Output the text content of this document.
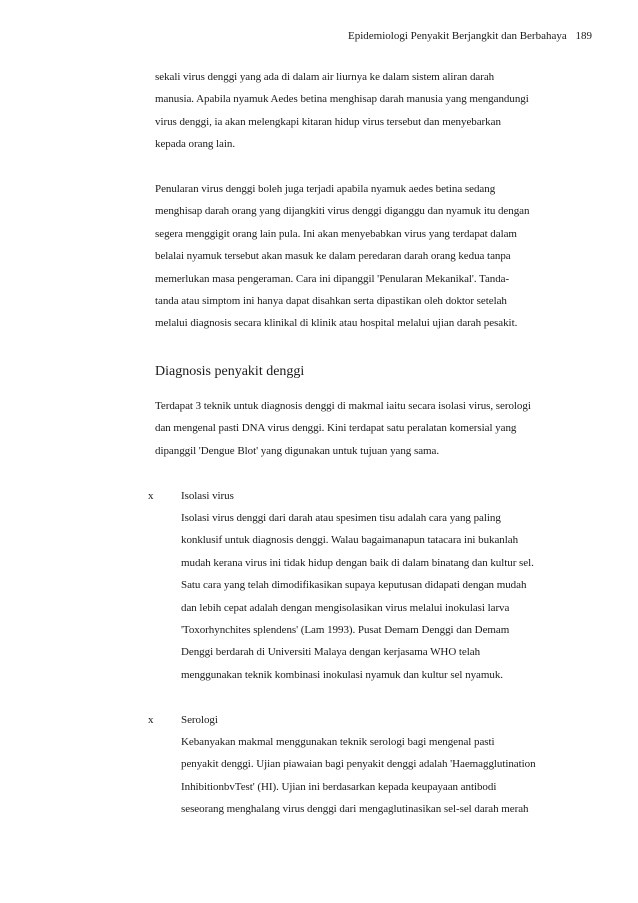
Epidemiologi Penyakit Berjangkit dan Berbahaya 189
sekali virus denggi yang ada di dalam air liurnya ke dalam sistem aliran darah
manusia. Apabila nyamuk Aedes betina menghisap darah manusia yang mengandungi
virus denggi, ia akan melengkapi kitaran hidup virus tersebut dan menyebarkan
kepada orang lain.
Penularan virus denggi boleh juga terjadi apabila nyamuk aedes betina sedang
menghisap darah orang yang dijangkiti virus denggi diganggu dan nyamuk itu dengan
segera menggigit orang lain pula. Ini akan menyebabkan virus yang terdapat dalam
belalai nyamuk tersebut akan masuk ke dalam peredaran darah orang kedua tanpa
memerlukan masa pengeraman. Cara ini dipanggil 'Penularan Mekanikal'. Tanda-
tanda atau simptom ini hanya dapat disahkan serta dipastikan oleh doktor setelah
melalui diagnosis secara klinikal di klinik atau hospital melalui ujian darah pesakit.
Diagnosis penyakit denggi
Terdapat 3 teknik untuk diagnosis denggi di makmal iaitu secara isolasi virus, serologi
dan mengenal pasti DNA virus denggi. Kini terdapat satu peralatan komersial yang
dipanggil 'Dengue Blot' yang digunakan untuk tujuan yang sama.
x	Isolasi virus
Isolasi virus denggi dari darah atau spesimen tisu adalah cara yang paling
konklusif untuk diagnosis denggi. Walau bagaimanapun tatacara ini bukanlah
mudah kerana virus ini tidak hidup dengan baik di dalam binatang dan kultur sel.
Satu cara yang telah dimodifikasikan supaya keputusan didapati dengan mudah
dan lebih cepat adalah dengan mengisolasikan virus melalui inokulasi larva
'Toxorhynchites splendens' (Lam 1993). Pusat Demam Denggi dan Demam
Denggi berdarah di Universiti Malaya dengan kerjasama WHO telah
menggunakan teknik kombinasi inokulasi nyamuk dan kultur sel nyamuk.
x	Serologi
Kebanyakan makmal menggunakan teknik serologi bagi mengenal pasti
penyakit denggi. Ujian piawaian bagi penyakit denggi adalah 'Haemagglutination
InhibitionbvTest' (HI). Ujian ini berdasarkan kepada keupayaan antibodi
seseorang menghalang virus denggi dari mengaglutinasikan sel-sel darah merah
